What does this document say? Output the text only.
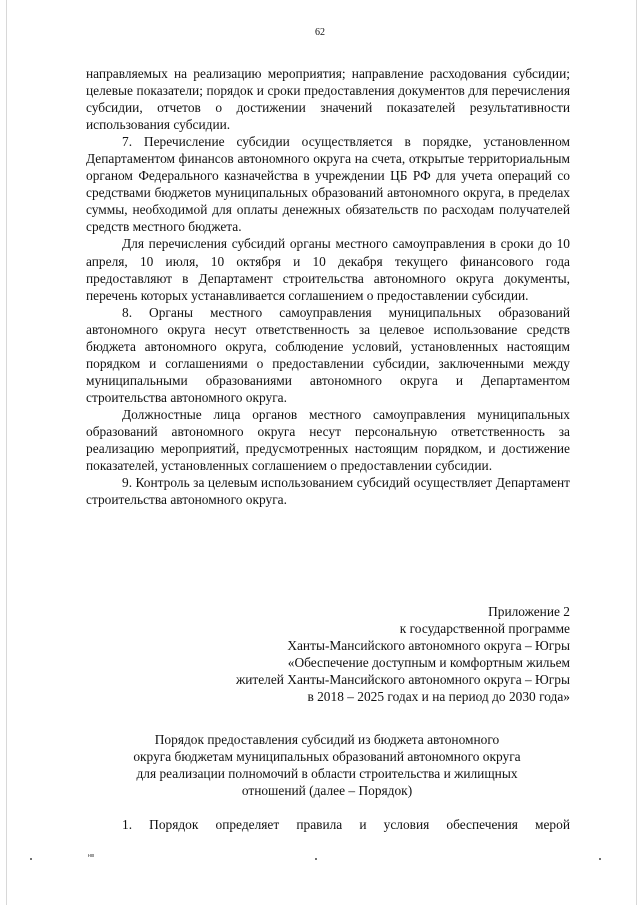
62

направляемых на реализацию мероприятия; направление расходования субсидии; целевые показатели; порядок и сроки предоставления документов для перечисления субсидии, отчетов о достижении значений показателей результативности использования субсидии.

7. Перечисление субсидии осуществляется в порядке, установленном Департаментом финансов автономного округа на счета, открытые территориальным органом Федерального казначейства в учреждении ЦБ РФ для учета операций со средствами бюджетов муниципальных образований автономного округа, в пределах суммы, необходимой для оплаты денежных обязательств по расходам получателей средств местного бюджета.

Для перечисления субсидий органы местного самоуправления в сроки до 10 апреля, 10 июля, 10 октября и 10 декабря текущего финансового года предоставляют в Департамент строительства автономного округа документы, перечень которых устанавливается соглашением о предоставлении субсидии.

8. Органы местного самоуправления муниципальных образований автономного округа несут ответственность за целевое использование средств бюджета автономного округа, соблюдение условий, установленных настоящим порядком и соглашениями о предоставлении субсидии, заключенными между муниципальными образованиями автономного округа и Департаментом строительства автономного округа.

Должностные лица органов местного самоуправления муниципальных образований автономного округа несут персональную ответственность за реализацию мероприятий, предусмотренных настоящим порядком, и достижение показателей, установленных соглашением о предоставлении субсидии.

9. Контроль за целевым использованием субсидий осуществляет Департамент строительства автономного округа.

Приложение 2
к государственной программе
Ханты-Мансийского автономного округа – Югры
«Обеспечение доступным и комфортным жильем
жителей Ханты-Мансийского автономного округа – Югры
в 2018 – 2025 годах и на период до 2030 года»
Порядок предоставления субсидий из бюджета автономного
округа бюджетам муниципальных образований автономного округа
для реализации полномочий в области строительства и жилищных
отношений (далее – Порядок)
1. Порядок определяет правила и условия обеспечения мерой
нв
